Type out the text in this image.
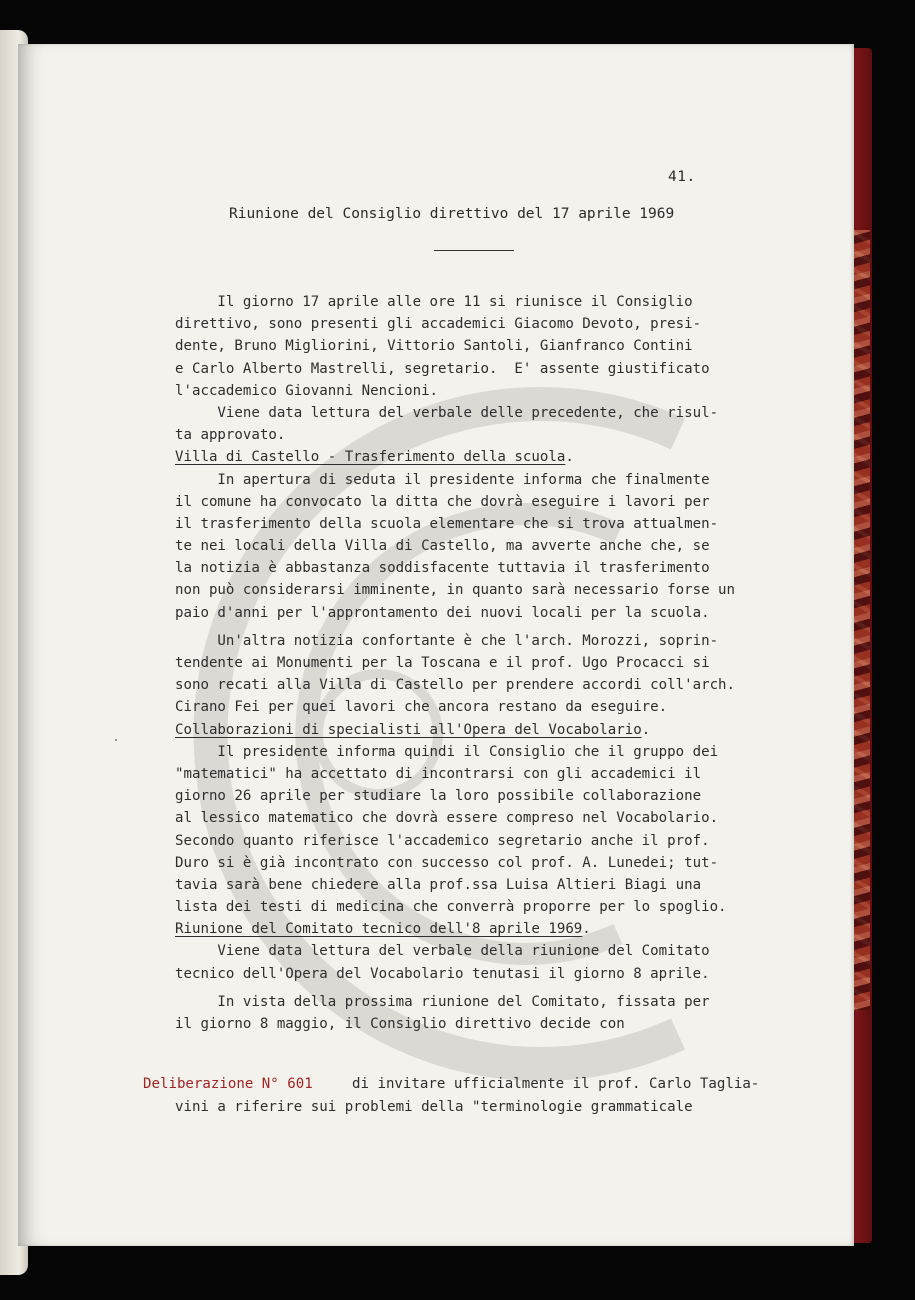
41.
Riunione del Consiglio direttivo del 17 aprile 1969
Il giorno 17 aprile alle ore 11 si riunisce il Consiglio
direttivo, sono presenti gli accademici Giacomo Devoto, presi-
dente, Bruno Migliorini, Vittorio Santoli, Gianfranco Contini
e Carlo Alberto Mastrelli, segretario.  E' assente giustificato
l'accademico Giovanni Nencioni.
Viene data lettura del verbale delle precedente, che risul-
ta approvato.
Villa di Castello - Trasferimento della scuola.
In apertura di seduta il presidente informa che finalmente
il comune ha convocato la ditta che dovrà eseguire i lavori per
il trasferimento della scuola elementare che si trova attualmen-
te nei locali della Villa di Castello, ma avverte anche che, se
la notizia è abbastanza soddisfacente tuttavia il trasferimento
non può considerarsi imminente, in quanto sarà necessario forse un
paio d'anni per l'approntamento dei nuovi locali per la scuola.
Un'altra notizia confortante è che l'arch. Morozzi, soprin-
tendente ai Monumenti per la Toscana e il prof. Ugo Procacci si
sono recati alla Villa di Castello per prendere accordi coll'arch.
Cirano Fei per quei lavori che ancora restano da eseguire.
Collaborazioni di specialisti all'Opera del Vocabolario.
Il presidente informa quindi il Consiglio che il gruppo dei
"matematici" ha accettato di incontrarsi con gli accademici il
giorno 26 aprile per studiare la loro possibile collaborazione
al lessico matematico che dovrà essere compreso nel Vocabolario.
Secondo quanto riferisce l'accademico segretario anche il prof.
Duro si è già incontrato con successo col prof. A. Lunedei; tut-
tavia sarà bene chiedere alla prof.ssa Luisa Altieri Biagi una
lista dei testi di medicina che converrà proporre per lo spoglio.
Riunione del Comitato tecnico dell'8 aprile 1969.
Viene data lettura del verbale della riunione del Comitato
tecnico dell'Opera del Vocabolario tenutasi il giorno 8 aprile.
In vista della prossima riunione del Comitato, fissata per
il giorno 8 maggio, il Consiglio direttivo decide con
Deliberazione N° 601	di invitare ufficialmente il prof. Carlo Taglia-
vini a riferire sui problemi della "terminologie grammaticale
